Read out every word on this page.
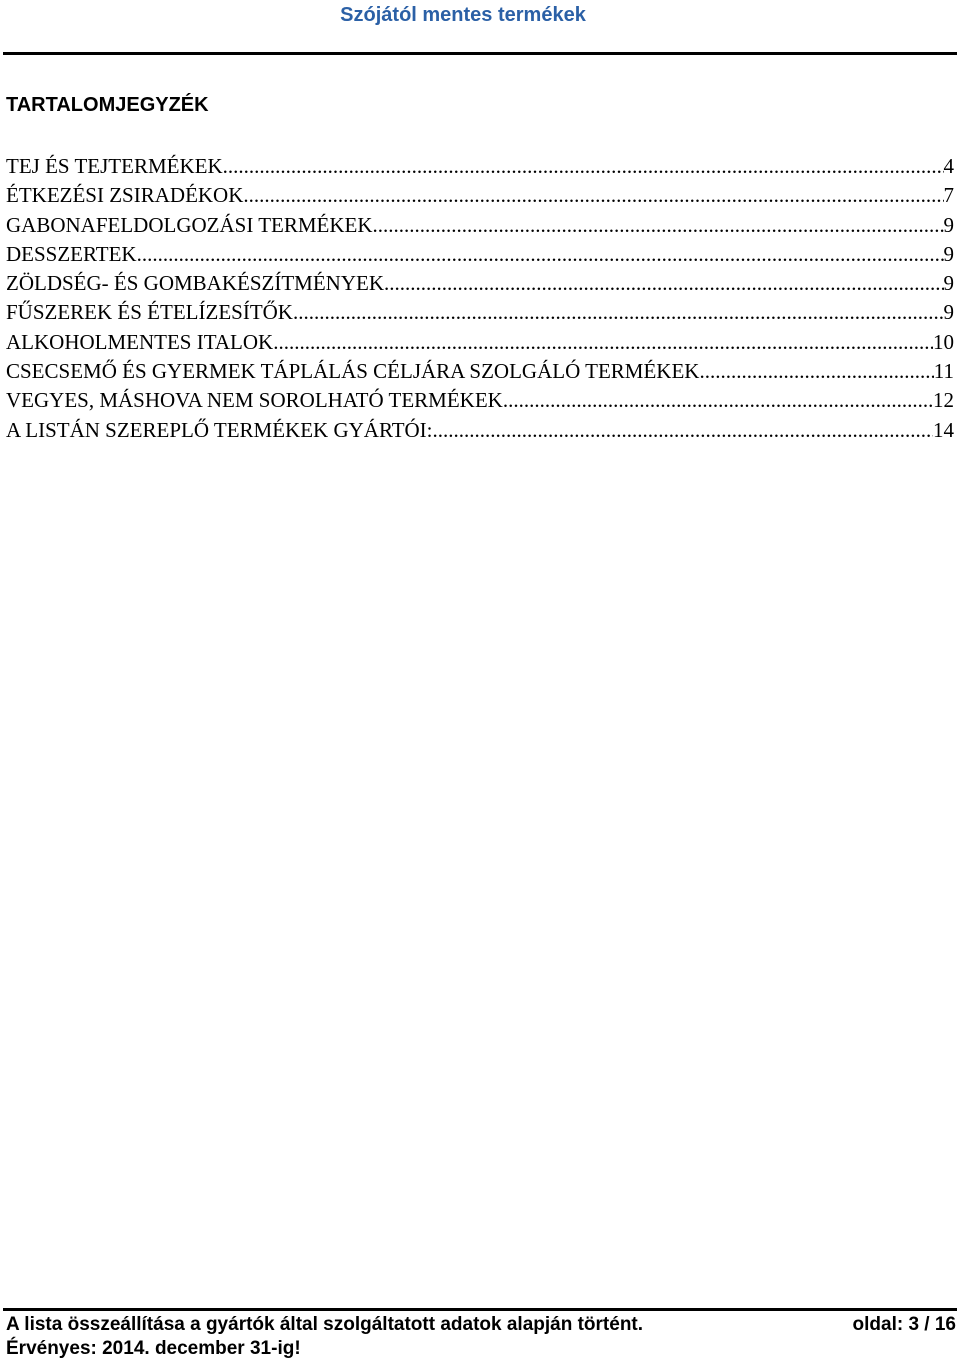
Szójától mentes termékek
TARTALOMJEGYZÉK
TEJ ÉS TEJTERMÉKEK .....	4
ÉTKEZÉSI ZSIRADÉKOK .....	7
GABONAFELDOLGOZÁSI TERMÉKEK .....	9
DESSZERTEK .....	9
ZÖLDSÉG- ÉS GOMBAKÉSZÍTMÉNYEK .....	9
FŰSZEREK ÉS ÉTELÍZESÍTŐK .....	9
ALKOHOLMENTES ITALOK .....	10
CSECSEMŐ ÉS GYERMEK TÁPLÁLÁS CÉLJÁRA SZOLGÁLÓ TERMÉKEK .....	11
VEGYES, MÁSHOVA NEM SOROLHATÓ TERMÉKEK .....	12
A LISTÁN SZEREPLŐ TERMÉKEK GYÁRTÓI: .....	14
A lista összeállítása a gyártók által szolgáltatott adatok alapján történt.	oldal: 3 / 16
Érvényes: 2014. december 31-ig!
